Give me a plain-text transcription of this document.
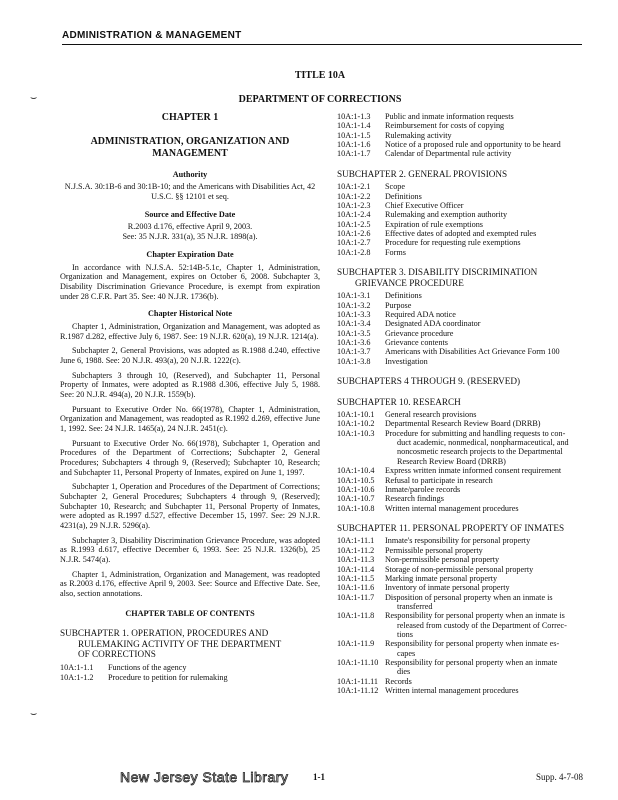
ADMINISTRATION & MANAGEMENT
TITLE 10A
DEPARTMENT OF CORRECTIONS
⌣
⌣
CHAPTER 1
ADMINISTRATION, ORGANIZATION AND MANAGEMENT
Authority
N.J.S.A. 30:1B-6 and 30:1B-10; and the Americans with Disabilities Act, 42 U.S.C. §§ 12101 et seq.
Source and Effective Date
R.2003 d.176, effective April 9, 2003.
See: 35 N.J.R. 331(a), 35 N.J.R. 1898(a).
Chapter Expiration Date
In accordance with N.J.S.A. 52:14B-5.1c, Chapter 1, Administration, Organization and Management, expires on October 6, 2008. Subchapter 3, Disability Discrimination Grievance Procedure, is exempt from expiration under 28 C.F.R. Part 35. See: 40 N.J.R. 1736(b).
Chapter Historical Note
Chapter 1, Administration, Organization and Management, was adopted as R.1987 d.282, effective July 6, 1987. See: 19 N.J.R. 620(a), 19 N.J.R. 1214(a).
Subchapter 2, General Provisions, was adopted as R.1988 d.240, effective June 6, 1988. See: 20 N.J.R. 493(a), 20 N.J.R. 1222(c).
Subchapters 3 through 10, (Reserved), and Subchapter 11, Personal Property of Inmates, were adopted as R.1988 d.306, effective July 5, 1988. See: 20 N.J.R. 494(a), 20 N.J.R. 1559(b).
Pursuant to Executive Order No. 66(1978), Chapter 1, Administration, Organization and Management, was readopted as R.1992 d.269, effective June 1, 1992. See: 24 N.J.R. 1465(a), 24 N.J.R. 2451(c).
Pursuant to Executive Order No. 66(1978), Subchapter 1, Operation and Procedures of the Department of Corrections; Subchapter 2, General Procedures; Subchapters 4 through 9, (Reserved); Subchapter 10, Research; and Subchapter 11, Personal Property of Inmates, expired on June 1, 1997.
Subchapter 1, Operation and Procedures of the Department of Corrections; Subchapter 2, General Procedures; Subchapters 4 through 9, (Reserved); Subchapter 10, Research; and Subchapter 11, Personal Property of Inmates, were adopted as R.1997 d.527, effective December 15, 1997. See: 29 N.J.R. 4231(a), 29 N.J.R. 5296(a).
Subchapter 3, Disability Discrimination Grievance Procedure, was adopted as R.1993 d.617, effective December 6, 1993. See: 25 N.J.R. 1326(b), 25 N.J.R. 5474(a).
Chapter 1, Administration, Organization and Management, was readopted as R.2003 d.176, effective April 9, 2003. See: Source and Effective Date. See, also, section annotations.
CHAPTER TABLE OF CONTENTS
SUBCHAPTER 1. OPERATION, PROCEDURES AND
RULEMAKING ACTIVITY OF THE DEPARTMENT
OF CORRECTIONS
10A:1-1.1	Functions of the agency
10A:1-1.2	Procedure to petition for rulemaking
10A:1-1.3	Public and inmate information requests
10A:1-1.4	Reimbursement for costs of copying
10A:1-1.5	Rulemaking activity
10A:1-1.6	Notice of a proposed rule and opportunity to be heard
10A:1-1.7	Calendar of Departmental rule activity
SUBCHAPTER 2. GENERAL PROVISIONS
10A:1-2.1	Scope
10A:1-2.2	Definitions
10A:1-2.3	Chief Executive Officer
10A:1-2.4	Rulemaking and exemption authority
10A:1-2.5	Expiration of rule exemptions
10A:1-2.6	Effective dates of adopted and exempted rules
10A:1-2.7	Procedure for requesting rule exemptions
10A:1-2.8	Forms
SUBCHAPTER 3. DISABILITY DISCRIMINATION
GRIEVANCE PROCEDURE
10A:1-3.1	Definitions
10A:1-3.2	Purpose
10A:1-3.3	Required ADA notice
10A:1-3.4	Designated ADA coordinator
10A:1-3.5	Grievance procedure
10A:1-3.6	Grievance contents
10A:1-3.7	Americans with Disabilities Act Grievance Form 100
10A:1-3.8	Investigation
SUBCHAPTERS 4 THROUGH 9. (RESERVED)
SUBCHAPTER 10. RESEARCH
10A:1-10.1	General research provisions
10A:1-10.2	Departmental Research Review Board (DRRB)
10A:1-10.3	Procedure for submitting and handling requests to con-
duct academic, nonmedical, nonpharmaceutical, and
noncosmetic research projects to the Departmental
Research Review Board (DRRB)
10A:1-10.4	Express written inmate informed consent requirement
10A:1-10.5	Refusal to participate in research
10A:1-10.6	Inmate/parolee records
10A:1-10.7	Research findings
10A:1-10.8	Written internal management procedures
SUBCHAPTER 11. PERSONAL PROPERTY OF INMATES
10A:1-11.1	Inmate's responsibility for personal property
10A:1-11.2	Permissible personal property
10A:1-11.3	Non-permissible personal property
10A:1-11.4	Storage of non-permissible personal property
10A:1-11.5	Marking inmate personal property
10A:1-11.6	Inventory of inmate personal property
10A:1-11.7	Disposition of personal property when an inmate is
transferred
10A:1-11.8	Responsibility for personal property when an inmate is
released from custody of the Department of Correc-
tions
10A:1-11.9	Responsibility for personal property when inmate es-
capes
10A:1-11.10 Responsibility for personal property when an inmate
dies
10A:1-11.11 Records
10A:1-11.12 Written internal management procedures
New Jersey State Library	1-1	Supp. 4-7-08
